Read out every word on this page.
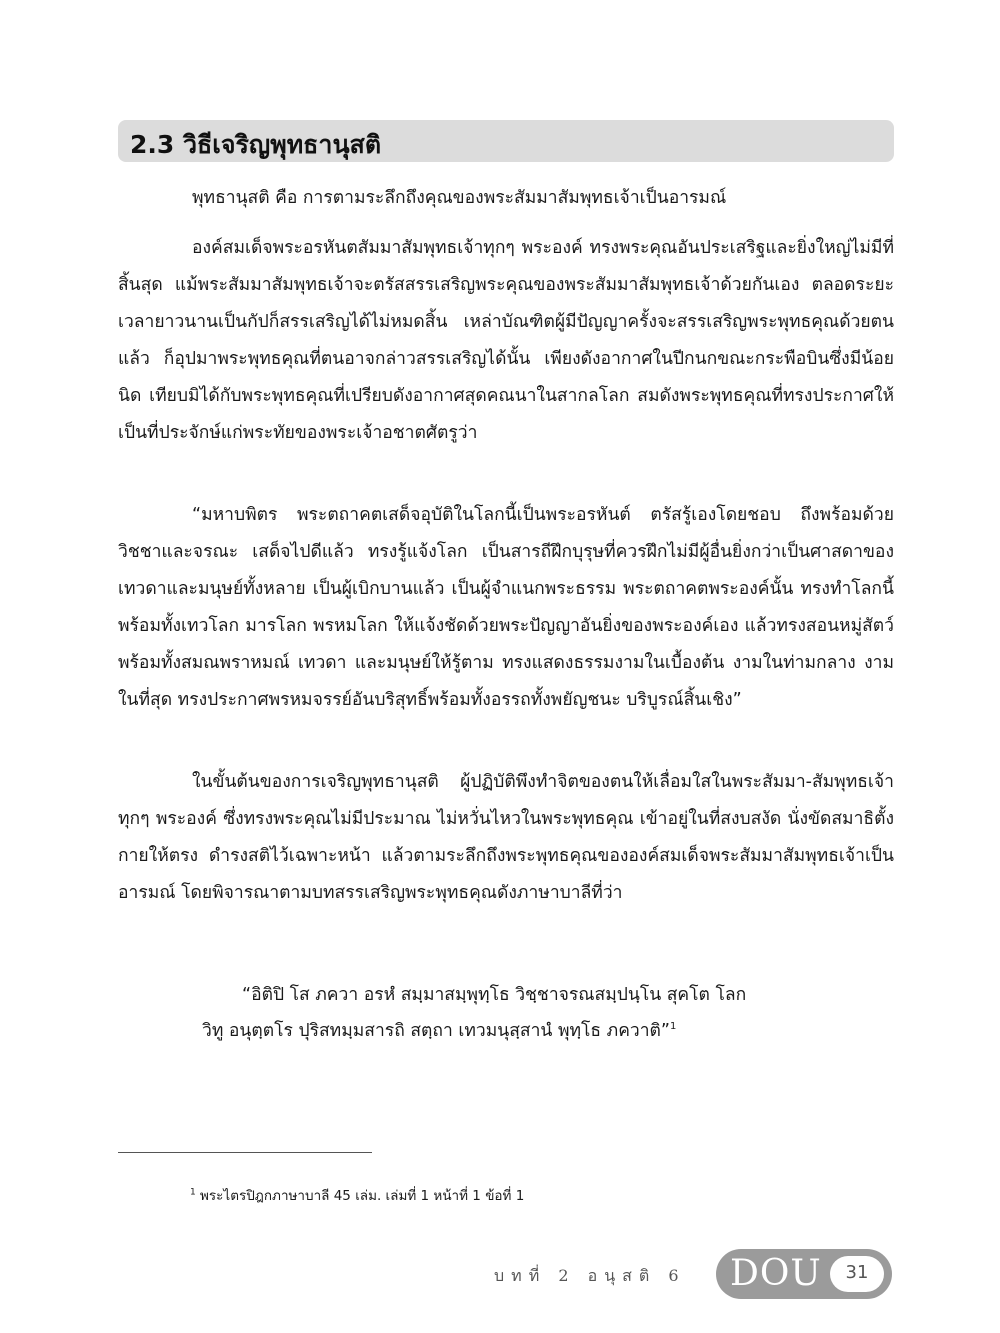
2.3 วิธีเจริญพุทธานุสติ

พุทธานุสติ คือ การตามระลึกถึงคุณของพระสัมมาสัมพุทธเจ้าเป็นอารมณ์

องค์สมเด็จพระอรหันตสัมมาสัมพุทธเจ้าทุกๆ พระองค์ ทรงพระคุณอันประเสริฐและยิ่งใหญ่ไม่มีที่สิ้นสุด แม้พระสัมมาสัมพุทธเจ้าจะตรัสสรรเสริญพระคุณของพระสัมมาสัมพุทธเจ้าด้วยกันเอง ตลอดระยะเวลายาวนานเป็นกัปก็สรรเสริญได้ไม่หมดสิ้น เหล่าบัณฑิตผู้มีปัญญาครั้งจะสรรเสริญพระพุทธคุณด้วยตนแล้ว ก็อุปมาพระพุทธคุณที่ตนอาจกล่าวสรรเสริญได้นั้น เพียงดังอากาศในปีกนกขณะกระพือบินซึ่งมีน้อยนิด เทียบมิได้กับพระพุทธคุณที่เปรียบดังอากาศสุดคณนาในสากลโลก สมดังพระพุทธคุณที่ทรงประกาศให้เป็นที่ประจักษ์แก่พระทัยของพระเจ้าอชาตศัตรูว่า

“มหาบพิตร พระตถาคตเสด็จอุบัติในโลกนี้เป็นพระอรหันต์ ตรัสรู้เองโดยชอบ ถึงพร้อมด้วยวิชชาและจรณะ เสด็จไปดีแล้ว ทรงรู้แจ้งโลก เป็นสารถีฝึกบุรุษที่ควรฝึกไม่มีผู้อื่นยิ่งกว่าเป็นศาสดาของเทวดาและมนุษย์ทั้งหลาย เป็นผู้เบิกบานแล้ว เป็นผู้จำแนกพระธรรม พระตถาคตพระองค์นั้น ทรงทำโลกนี้พร้อมทั้งเทวโลก มารโลก พรหมโลก ให้แจ้งชัดด้วยพระปัญญาอันยิ่งของพระองค์เอง แล้วทรงสอนหมู่สัตว์พร้อมทั้งสมณพราหมณ์ เทวดา และมนุษย์ให้รู้ตาม ทรงแสดงธรรมงามในเบื้องต้น งามในท่ามกลาง งามในที่สุด ทรงประกาศพรหมจรรย์อันบริสุทธิ์พร้อมทั้งอรรถทั้งพยัญชนะ บริบูรณ์สิ้นเชิง”

ในขั้นต้นของการเจริญพุทธานุสติ ผู้ปฏิบัติพึงทำจิตของตนให้เลื่อมใสในพระสัมมา-สัมพุทธเจ้าทุกๆ พระองค์ ซึ่งทรงพระคุณไม่มีประมาณ ไม่หวั่นไหวในพระพุทธคุณ เข้าอยู่ในที่สงบสงัด นั่งขัดสมาธิตั้งกายให้ตรง ดำรงสติไว้เฉพาะหน้า แล้วตามระลึกถึงพระพุทธคุณขององค์สมเด็จพระสัมมาสัมพุทธเจ้าเป็นอารมณ์ โดยพิจารณาตามบทสรรเสริญพระพุทธคุณดังภาษาบาลีที่ว่า

“อิติปิ โส ภควา อรหํ สมฺมาสมฺพุทฺโธ วิชฺชาจรณสมฺปนฺโน สุคโต โลก
วิทู อนุตฺตโร ปุริสทมฺมสารถิ สตฺถา เทวมนุสฺสานํ พุทฺโธ ภควาติ”$^1$
$^1$ พระไตรปิฎกภาษาบาลี 45 เล่ม. เล่มที่ 1 หน้าที่ 1 ข้อที่ 1
บทที่ 2 อนุสติ 6 DOU	31
